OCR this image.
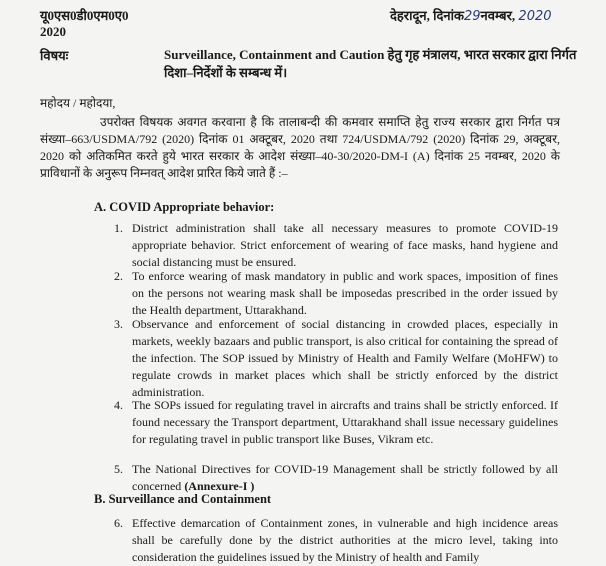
यू0एस0डी0एम0ए0
2020
देहरादून, दिनांक29नवम्बर, 2020
विषयः	Surveillance, Containment and Caution हेतु गृह मंत्रालय, भारत सरकार द्वारा निर्गत दिशा–निर्देशों के सम्बन्ध में।
महोदय / महोदया,
उपरोक्त विषयक अवगत करवाना है कि तालाबन्दी की कमवार समाप्ति हेतु राज्य सरकार द्वारा निर्गत पत्र संख्या–663/USDMA/792 (2020) दिनांक 01 अक्टूबर, 2020 तथा 724/USDMA/792 (2020) दिनांक 29, अक्टूबर, 2020 को अतिकमित करते हुये भारत सरकार के आदेश संख्या–40-30/2020-DM-I (A) दिनांक 25 नवम्बर, 2020 के प्राविधानों के अनुरूप निम्नवत् आदेश प्रारित किये जाते हैं :–
A. COVID Appropriate behavior:
1. District administration shall take all necessary measures to promote COVID-19 appropriate behavior. Strict enforcement of wearing of face masks, hand hygiene and social distancing must be ensured.
2. To enforce wearing of mask mandatory in public and work spaces, imposition of fines on the persons not wearing mask shall be imposedas prescribed in the order issued by the Health department, Uttarakhand.
3. Observance and enforcement of social distancing in crowded places, especially in markets, weekly bazaars and public transport, is also critical for containing the spread of the infection. The SOP issued by Ministry of Health and Family Welfare (MoHFW) to regulate crowds in market places which shall be strictly enforced by the district administration.
4. The SOPs issued for regulating travel in aircrafts and trains shall be strictly enforced. If found necessary the Transport department, Uttarakhand shall issue necessary guidelines for regulating travel in public transport like Buses, Vikram etc.
5. The National Directives for COVID-19 Management shall be strictly followed by all concerned (Annexure-I )
B. Surveillance and Containment
6. Effective demarcation of Containment zones, in vulnerable and high incidence areas shall be carefully done by the district authorities at the micro level, taking into consideration the guidelines issued by the Ministry of health and Family
